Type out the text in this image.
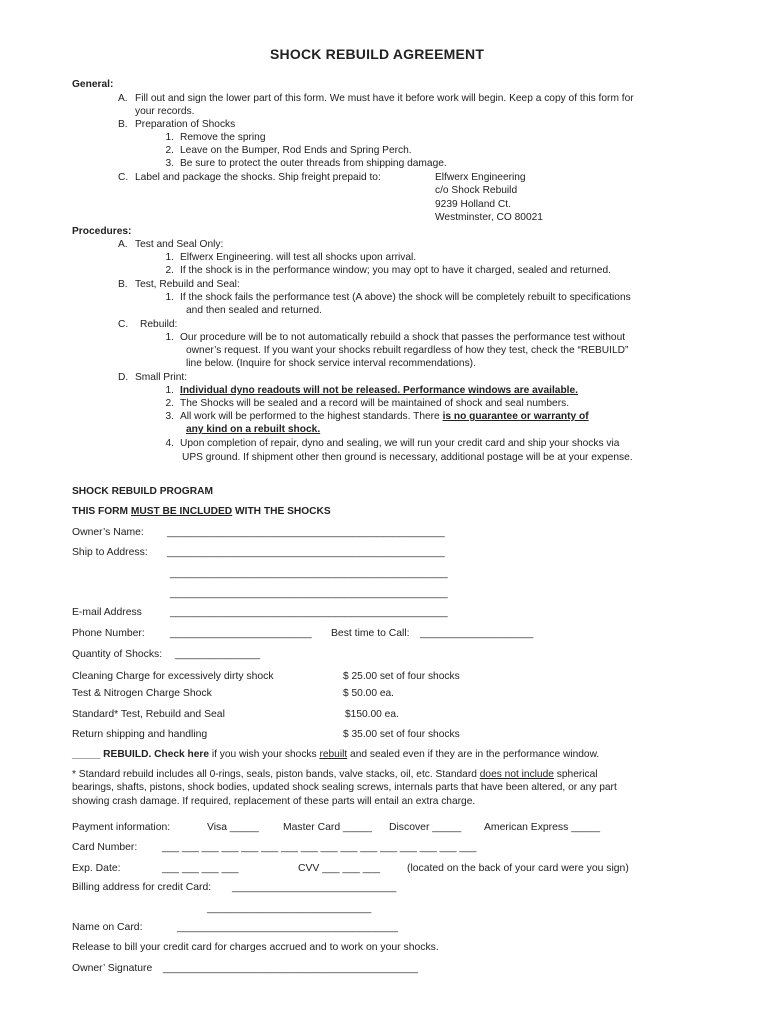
SHOCK REBUILD AGREEMENT
General:
A. Fill out and sign the lower part of this form. We must have it before work will begin. Keep a copy of this form for
your records.
B. Preparation of Shocks
1. Remove the spring
2. Leave on the Bumper, Rod Ends and Spring Perch.
3. Be sure to protect the outer threads from shipping damage.
C. Label and package the shocks. Ship freight prepaid to:	Elfwerx Engineering
c/o Shock Rebuild
9239 Holland Ct.
Westminster, CO 80021
Procedures:
A. Test and Seal Only:
1. Elfwerx Engineering. will test all shocks upon arrival.
2. If the shock is in the performance window; you may opt to have it charged, sealed and returned.
B. Test, Rebuild and Seal:
1. If the shock fails the performance test (A above) the shock will be completely rebuilt to specifications
and then sealed and returned.
C. Rebuild:
1. Our procedure will be to not automatically rebuild a shock that passes the performance test without
owner’s request. If you want your shocks rebuilt regardless of how they test, check the “REBUILD”
line below. (Inquire for shock service interval recommendations).
D. Small Print:
1. Individual dyno readouts will not be released. Performance windows are available.
2. The Shocks will be sealed and a record will be maintained of shock and seal numbers.
3. All work will be performed to the highest standards. There is no guarantee or warranty of
any kind on a rebuilt shock.
4. Upon completion of repair, dyno and sealing, we will run your credit card and ship your shocks via
UPS ground. If shipment other then ground is necessary, additional postage will be at your expense.
SHOCK REBUILD PROGRAM
THIS FORM MUST BE INCLUDED WITH THE SHOCKS
Owner’s Name: _________________________________________________
Ship to Address: _________________________________________________
_________________________________________________
_________________________________________________
E-mail Address	_________________________________________________
Phone Number: _________________________ Best time to Call: ____________________
Quantity of Shocks: _______________
Cleaning Charge for excessively dirty shock	$ 25.00 set of four shocks
Test & Nitrogen Charge Shock	$ 50.00 ea.
Standard* Test, Rebuild and Seal	$150.00 ea.
Return shipping and handling	$ 35.00 set of four shocks
_____ REBUILD. Check here if you wish your shocks rebuilt and sealed even if they are in the performance window.
* Standard rebuild includes all 0-rings, seals, piston bands, valve stacks, oil, etc. Standard does not include spherical
bearings, shafts, pistons, shock bodies, updated shock sealing screws, internals parts that have been altered, or any part
showing crash damage. If required, replacement of these parts will entail an extra charge.
Payment information:	Visa _____ Master Card _____ Discover _____ American Express _____
Card Number: ___ ___ ___ ___ ___ ___ ___ ___ ___ ___ ___ ___ ___ ___ ___ ___
Exp. Date:	___ ___ ___ ___	CVV ___ ___ ___	(located on the back of your card were you sign)
Billing address for credit Card: _____________________________
_____________________________
Name on Card:	_______________________________________
Release to bill your credit card for charges accrued and to work on your shocks.
Owner’ Signature _____________________________________________
